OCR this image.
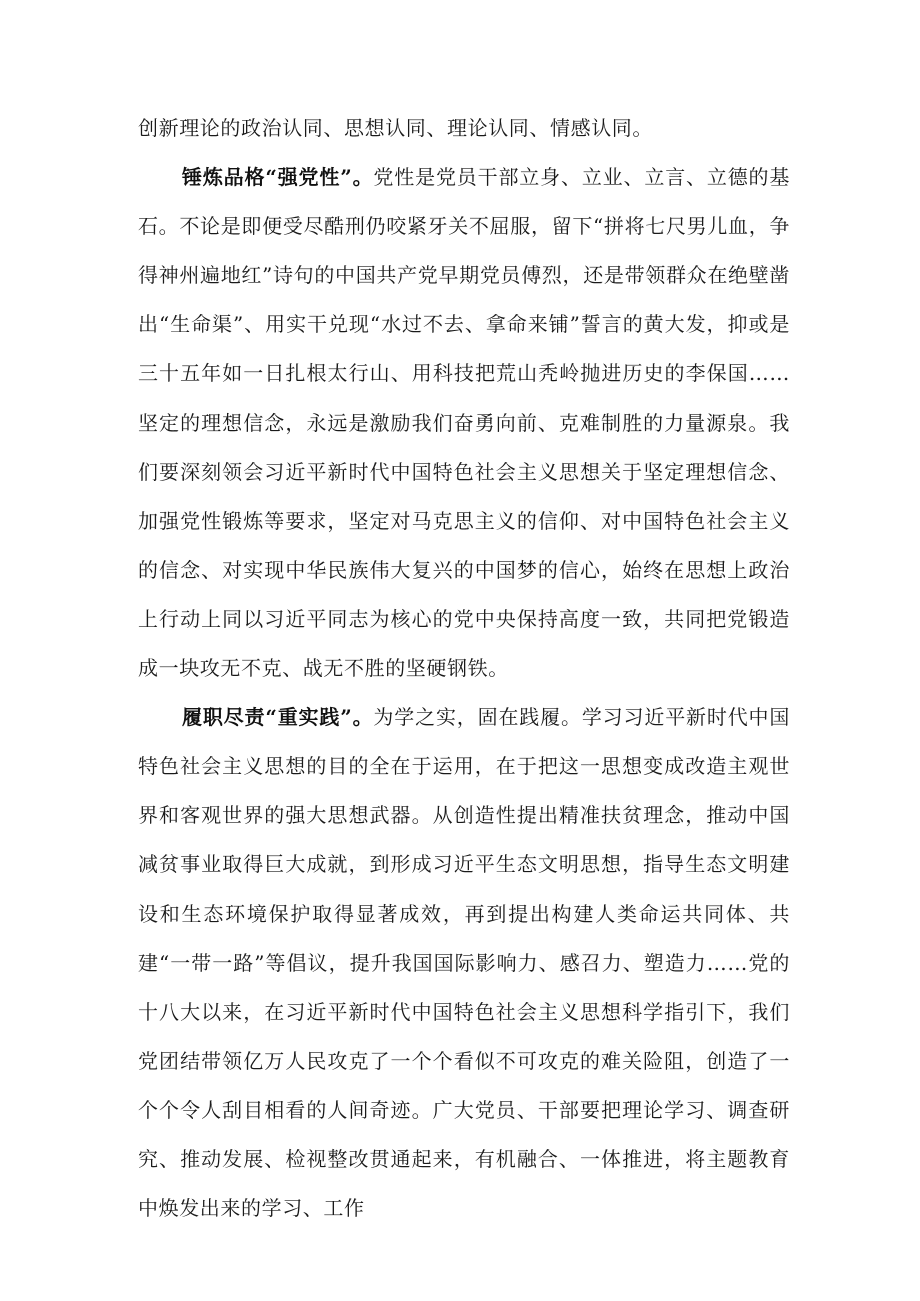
创新理论的政治认同、思想认同、理论认同、情感认同。

锤炼品格“强党性”。党性是党员干部立身、立业、立言、立德的基石。不论是即便受尽酷刑仍咬紧牙关不屈服，留下“拼将七尺男儿血，争得神州遍地红”诗句的中国共产党早期党员傅烈，还是带领群众在绝壁凿出“生命渠”、用实干兑现“水过不去、拿命来铺”誓言的黄大发，抑或是三十五年如一日扎根太行山、用科技把荒山秃岭抛进历史的李保国……坚定的理想信念，永远是激励我们奋勇向前、克难制胜的力量源泉。我们要深刻领会习近平新时代中国特色社会主义思想关于坚定理想信念、加强党性锻炼等要求，坚定对马克思主义的信仰、对中国特色社会主义的信念、对实现中华民族伟大复兴的中国梦的信心，始终在思想上政治上行动上同以习近平同志为核心的党中央保持高度一致，共同把党锻造成一块攻无不克、战无不胜的坚硬钢铁。

履职尽责“重实践”。为学之实，固在践履。学习习近平新时代中国特色社会主义思想的目的全在于运用，在于把这一思想变成改造主观世界和客观世界的强大思想武器。从创造性提出精准扶贫理念，推动中国减贫事业取得巨大成就，到形成习近平生态文明思想，指导生态文明建设和生态环境保护取得显著成效，再到提出构建人类命运共同体、共建“一带一路”等倡议，提升我国国际影响力、感召力、塑造力……党的十八大以来，在习近平新时代中国特色社会主义思想科学指引下，我们党团结带领亿万人民攻克了一个个看似不可攻克的难关险阻，创造了一个个令人刮目相看的人间奇迹。广大党员、干部要把理论学习、调查研究、推动发展、检视整改贯通起来，有机融合、一体推进，将主题教育中焕发出来的学习、工作
